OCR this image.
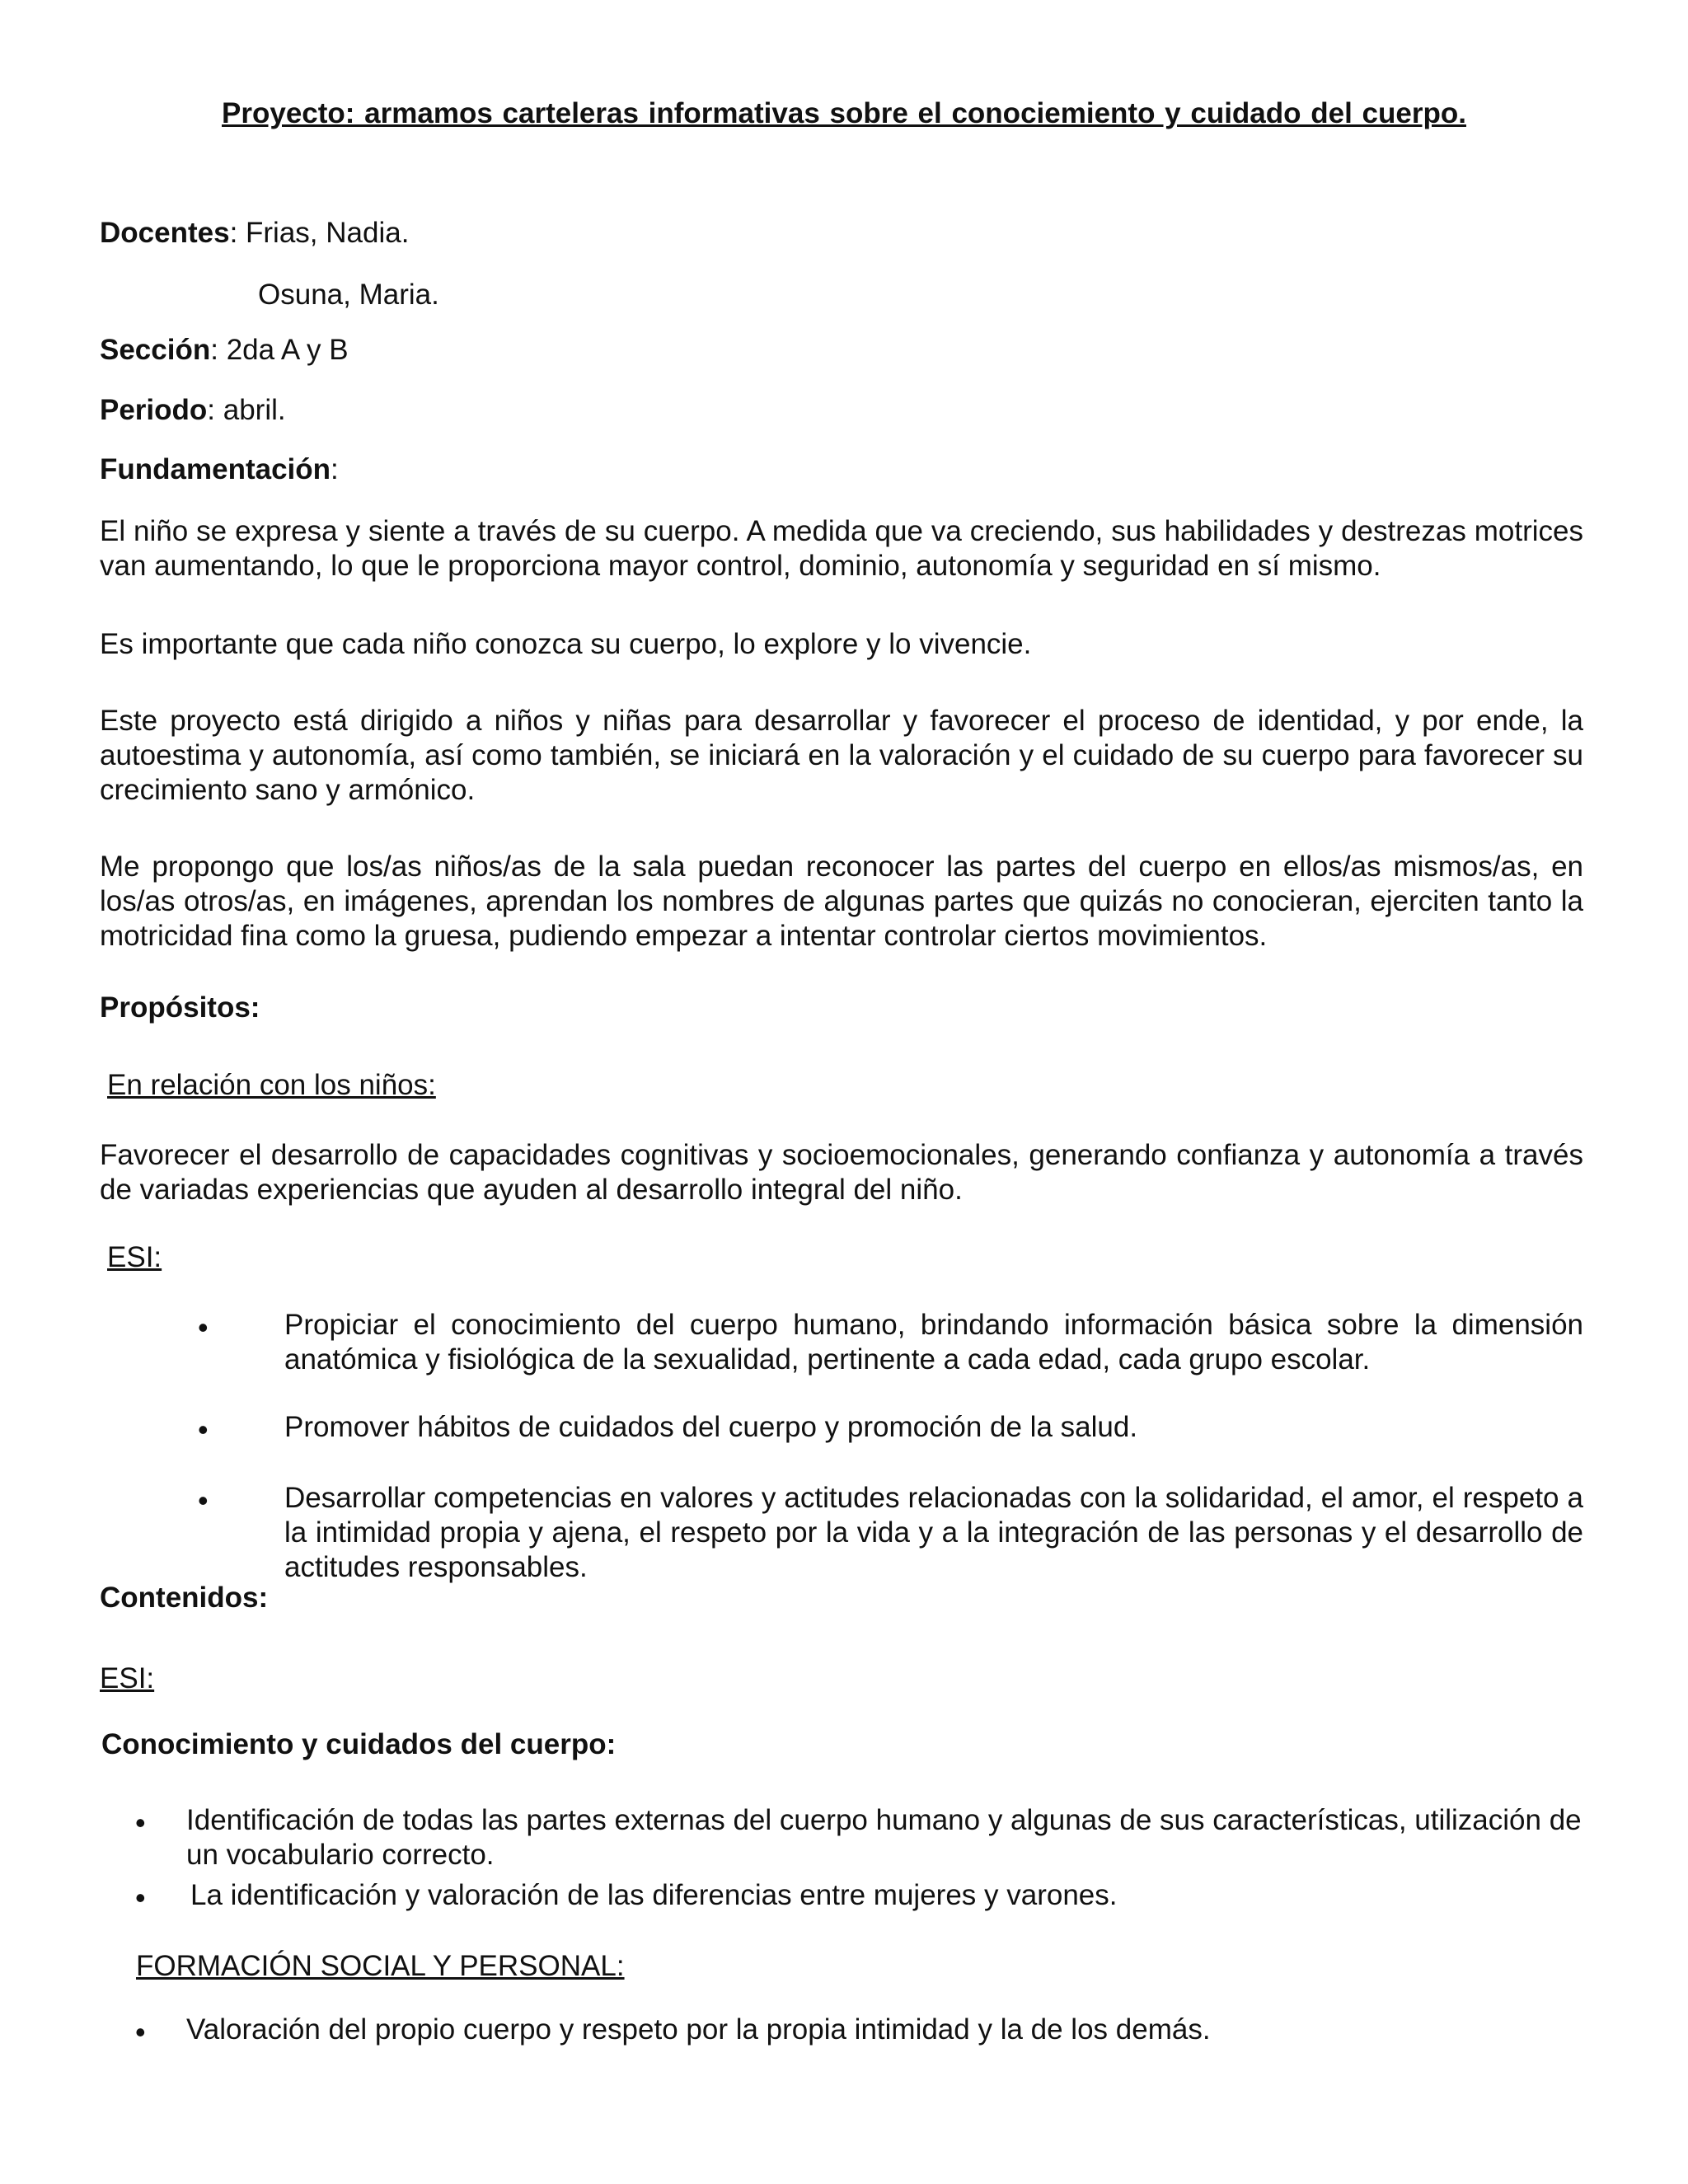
Proyecto: armamos carteleras informativas sobre el conociemiento y cuidado del cuerpo.

Docentes: Frias, Nadia.

Osuna, Maria.

Sección: 2da A y B

Periodo: abril.

Fundamentación:

El niño se expresa y siente a través de su cuerpo. A medida que va creciendo, sus habilidades y destrezas motrices van aumentando, lo que le proporciona mayor control, dominio, autonomía y seguridad en sí mismo.

Es importante que cada niño conozca su cuerpo, lo explore y lo vivencie.

Este proyecto está dirigido a niños y niñas para desarrollar y favorecer el proceso de identidad, y por ende, la autoestima y autonomía, así como también, se iniciará en la valoración y el cuidado de su cuerpo para favorecer su crecimiento sano y armónico.

Me propongo que los/as niños/as de la sala puedan reconocer las partes del cuerpo en ellos/as mismos/as, en los/as otros/as, en imágenes, aprendan los nombres de algunas partes que quizás no conocieran, ejerciten tanto la motricidad fina como la gruesa, pudiendo empezar a intentar controlar ciertos movimientos.

Propósitos:

En relación con los niños:

Favorecer el desarrollo de capacidades cognitivas y socioemocionales, generando confianza y autonomía a través de variadas experiencias que ayuden al desarrollo integral del niño.

ESI:

•	Propiciar el conocimiento del cuerpo humano, brindando información básica sobre la dimensión anatómica y fisiológica de la sexualidad, pertinente a cada edad, cada grupo escolar.

•	Promover hábitos de cuidados del cuerpo y promoción de la salud.

•	Desarrollar competencias en valores y actitudes relacionadas con la solidaridad, el amor, el respeto a la intimidad propia y ajena, el respeto por la vida y a la integración de las personas y el desarrollo de actitudes responsables.

Contenidos:

ESI:

Conocimiento y cuidados del cuerpo:

• Identificación de todas las partes externas del cuerpo humano y algunas de sus características, utilización de un vocabulario correcto.

• La identificación y valoración de las diferencias entre mujeres y varones.

FORMACIÓN SOCIAL Y PERSONAL:

• Valoración del propio cuerpo y respeto por la propia intimidad y la de los demás.
